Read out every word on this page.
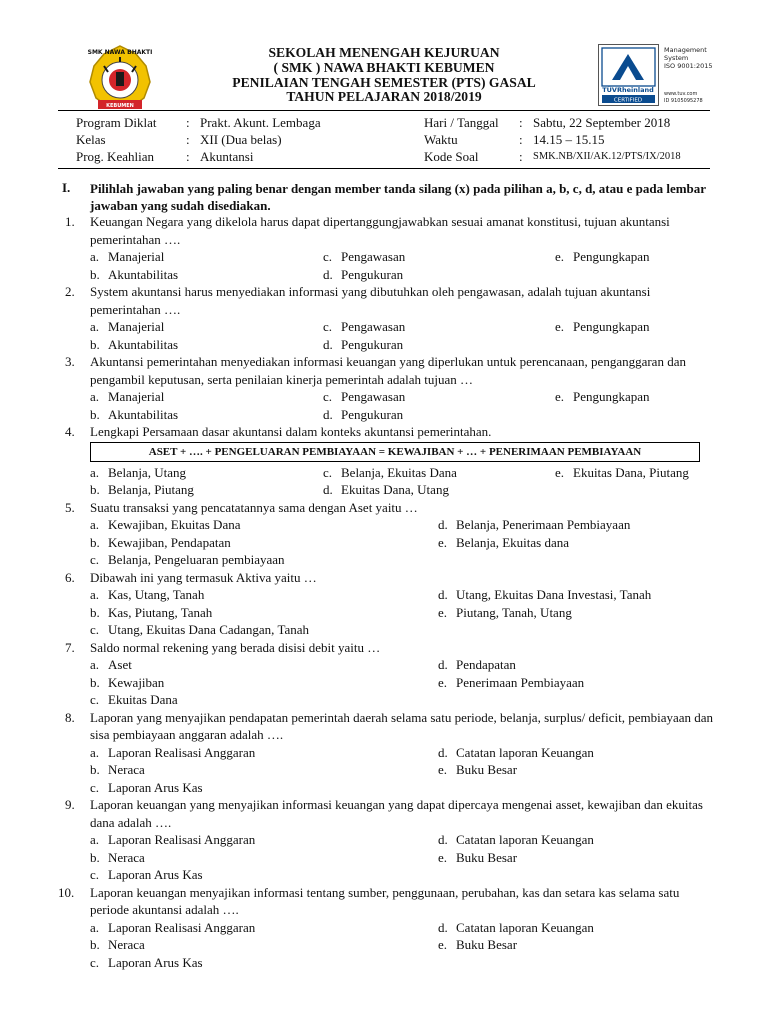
SMK NAWA BHAKTI
KEBUMEN
SEKOLAH MENENGAH KEJURUAN
( SMK ) NAWA BHAKTI KEBUMEN
PENILAIAN TENGAH SEMESTER (PTS) GASAL
TAHUN PELAJARAN 2018/2019	TÜVRheinland
CERTIFIED
Management
System
ISO 9001:2015
www.tuv.com
ID 9105095278
Program Diklat : Prakt. Akunt. Lembaga	Hari / Tanggal : Sabtu, 22 September 2018
Kelas	: XII (Dua belas)	Waktu	: 14.15 – 15.15
Prog. Keahlian : Akuntansi	Kode Soal	: SMK.NB/XII/AK.12/PTS/IX/2018
I. Pilihlah jawaban yang paling benar dengan member tanda silang (x) pada pilihan a, b, c, d, atau e pada lembar jawaban yang sudah disediakan.
1. Keuangan Negara yang dikelola harus dapat dipertanggungjawabkan sesuai amanat konstitusi, tujuan akuntansi pemerintahan ….
a. Manajerial
b. Akuntabilitas
c. Pengawasan
d. Pengukuran
e. Pengungkapan
2. System akuntansi harus menyediakan informasi yang dibutuhkan oleh pengawasan, adalah tujuan akuntansi pemerintahan ….
a. Manajerial
b. Akuntabilitas
c. Pengawasan
d. Pengukuran
e. Pengungkapan
3. Akuntansi pemerintahan menyediakan informasi keuangan yang diperlukan untuk perencanaan, penganggaran dan pengambil keputusan, serta penilaian kinerja pemerintah adalah tujuan …
a. Manajerial
b. Akuntabilitas
c. Pengawasan
d. Pengukuran
e. Pengungkapan
4. Lengkapi Persamaan dasar akuntansi dalam konteks akuntansi pemerintahan.
ASET + …. + PENGELUARAN PEMBIAYAAN = KEWAJIBAN + … + PENERIMAAN PEMBIAYAAN
a. Belanja, Utang
b. Belanja, Piutang
c. Belanja, Ekuitas Dana
d. Ekuitas Dana, Utang
e. Ekuitas Dana, Piutang
5. Suatu transaksi yang pencatatannya sama dengan Aset yaitu …
a. Kewajiban, Ekuitas Dana
b. Kewajiban, Pendapatan
c. Belanja, Pengeluaran pembiayaan
d. Belanja, Penerimaan Pembiayaan
e. Belanja, Ekuitas dana
6. Dibawah ini yang termasuk Aktiva yaitu …
a. Kas, Utang, Tanah
b. Kas, Piutang, Tanah
c. Utang, Ekuitas Dana Cadangan, Tanah
d. Utang, Ekuitas Dana Investasi, Tanah
e. Piutang, Tanah, Utang
7. Saldo normal rekening yang berada disisi debit yaitu …
a. Aset
b. Kewajiban
c. Ekuitas Dana
d. Pendapatan
e. Penerimaan Pembiayaan
8. Laporan yang menyajikan pendapatan pemerintah daerah selama satu periode, belanja, surplus/ deficit, pembiayaan dan sisa pembiayaan anggaran adalah ….
a. Laporan Realisasi Anggaran
b. Neraca
c. Laporan Arus Kas
d. Catatan laporan Keuangan
e. Buku Besar
9. Laporan keuangan yang menyajikan informasi keuangan yang dapat dipercaya mengenai asset, kewajiban dan ekuitas dana adalah ….
a. Laporan Realisasi Anggaran
b. Neraca
c. Laporan Arus Kas
d. Catatan laporan Keuangan
e. Buku Besar
10. Laporan keuangan menyajikan informasi tentang sumber, penggunaan, perubahan, kas dan setara kas selama satu periode akuntansi adalah ….
a. Laporan Realisasi Anggaran
b. Neraca
c. Laporan Arus Kas
d. Catatan laporan Keuangan
e. Buku Besar
